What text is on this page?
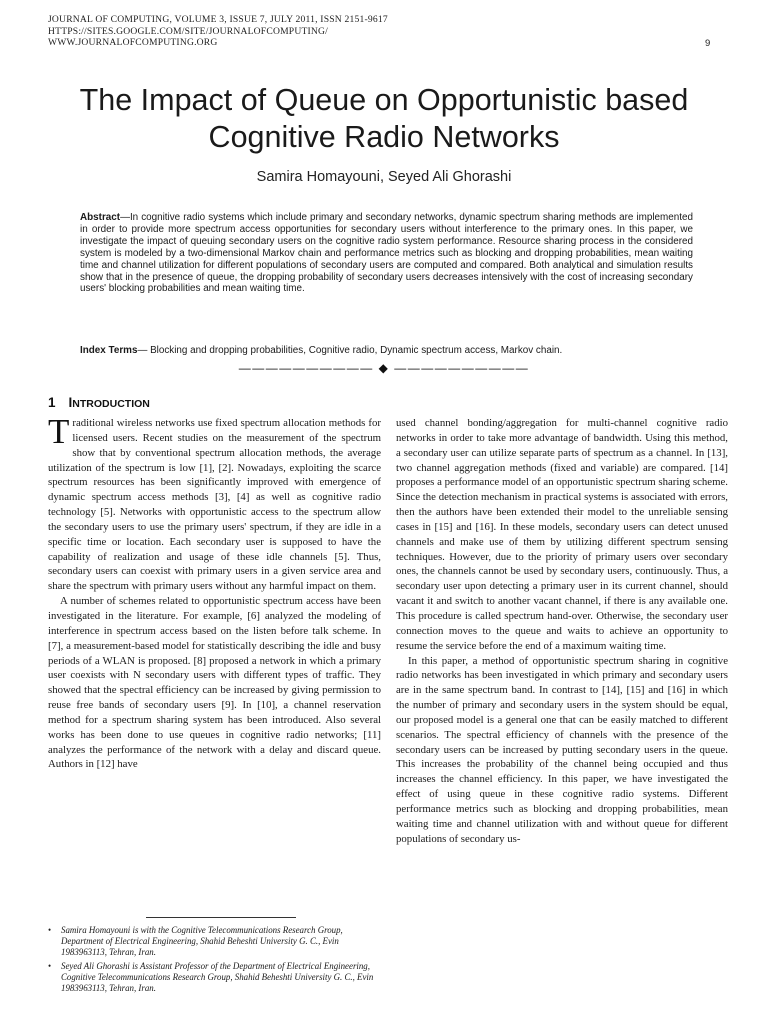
JOURNAL OF COMPUTING, VOLUME 3, ISSUE 7, JULY 2011, ISSN 2151-9617
HTTPS://SITES.GOOGLE.COM/SITE/JOURNALOFCOMPUTING/
WWW.JOURNALOFCOMPUTING.ORG	9
The Impact of Queue on Opportunistic based
Cognitive Radio Networks
Samira Homayouni, Seyed Ali Ghorashi
Abstract—In cognitive radio systems which include primary and secondary networks, dynamic spectrum sharing methods are implemented in order to provide more spectrum access opportunities for secondary users without interference to the primary ones. In this paper, we investigate the impact of queuing secondary users on the cognitive radio system performance. Resource sharing process in the considered system is modeled by a two-dimensional Markov chain and performance metrics such as blocking and dropping probabilities, mean waiting time and channel utilization for different populations of secondary users are computed and compared. Both analytical and simulation results show that in the presence of queue, the dropping probability of secondary users decreases intensively with the cost of increasing secondary users' blocking probabilities and mean waiting time.
Index Terms— Blocking and dropping probabilities, Cognitive radio, Dynamic spectrum access, Markov chain.
—————————— ◆ ——————————
1 INTRODUCTION

Traditional wireless networks use fixed spectrum allocation methods for licensed users. Recent studies on the measurement of the spectrum show that by conventional spectrum allocation methods, the average utilization of the spectrum is low [1], [2]. Nowadays, exploiting the scarce spectrum resources has been significantly improved with emergence of dynamic spectrum access methods [3], [4] as well as cognitive radio technology [5]. Networks with opportunistic access to the spectrum allow the secondary users to use the primary users' spectrum, if they are idle in a specific time or location. Each secondary user is supposed to have the capability of realization and usage of these idle channels [5]. Thus, secondary users can coexist with primary users in a given service area and share the spectrum with primary users without any harmful impact on them.

A number of schemes related to opportunistic spectrum access have been investigated in the literature. For example, [6] analyzed the modeling of interference in spectrum access based on the listen before talk scheme. In [7], a measurement-based model for statistically describing the idle and busy periods of a WLAN is proposed. [8] proposed a network in which a primary user coexists with N secondary users with different types of traffic. They showed that the spectral efficiency can be increased by giving permission to reuse free bands of secondary users [9]. In [10], a channel reservation method for a spectrum sharing system has been introduced. Also several works has been done to use queues in cognitive radio networks; [11] analyzes the performance of the network with a delay and discard queue. Authors in [12] have

used channel bonding/aggregation for multi-channel cognitive radio networks in order to take more advantage of bandwidth. Using this method, a secondary user can utilize separate parts of spectrum as a channel. In [13], two channel aggregation methods (fixed and variable) are compared. [14] proposes a performance model of an opportunistic spectrum sharing scheme. Since the detection mechanism in practical systems is associated with errors, then the authors have been extended their model to the unreliable sensing cases in [15] and [16]. In these models, secondary users can detect unused channels and make use of them by utilizing different spectrum sensing techniques. However, due to the priority of primary users over secondary ones, the channels cannot be used by secondary users, continuously. Thus, a secondary user upon detecting a primary user in its current channel, should vacant it and switch to another vacant channel, if there is any available one. This procedure is called spectrum hand-over. Otherwise, the secondary user connection moves to the queue and waits to achieve an opportunity to resume the service before the end of a maximum waiting time.

In this paper, a method of opportunistic spectrum sharing in cognitive radio networks has been investigated in which primary and secondary users are in the same spectrum band. In contrast to [14], [15] and [16] in which the number of primary and secondary users in the system should be equal, our proposed model is a general one that can be easily matched to different scenarios. The spectral efficiency of channels with the presence of the secondary users can be increased by putting secondary users in the queue. This increases the probability of the channel being occupied and thus increases the channel efficiency. In this paper, we have investigated the effect of using queue in these cognitive radio systems. Different performance metrics such as blocking and dropping probabilities, mean waiting time and channel utilization with and without queue for different populations of secondary us-

• Samira Homayouni is with the Cognitive Telecommunications Research Group, Department of Electrical Engineering, Shahid Beheshti University G. C., Evin 1983963113, Tehran, Iran.
• Seyed Ali Ghorashi is Assistant Professor of the Department of Electrical Engineering, Cognitive Telecommunications Research Group, Shahid Beheshti University G. C., Evin 1983963113, Tehran, Iran.
